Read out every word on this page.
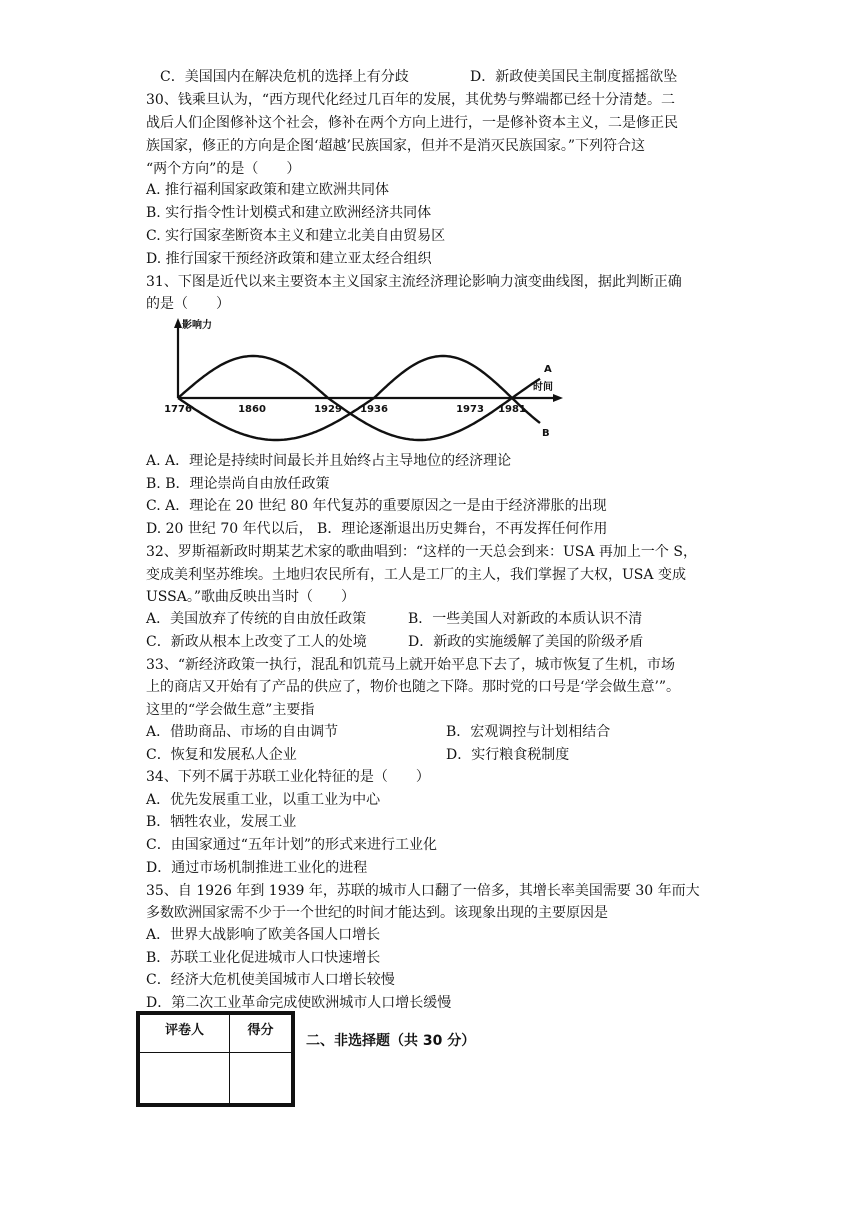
C．美国国内在解决危机的选择上有分歧	D．新政使美国民主制度摇摇欲坠
30、钱乘旦认为，“西方现代化经过几百年的发展，其优势与弊端都已经十分清楚。二
战后人们企图修补这个社会，修补在两个方向上进行，一是修补资本主义，二是修正民
族国家，修正的方向是企图‘超越’民族国家，但并不是消灭民族国家。”下列符合这
“两个方向”的是（　　）
A. 推行福利国家政策和建立欧洲共同体
B. 实行指令性计划模式和建立欧洲经济共同体
C. 实行国家垄断资本主义和建立北美自由贸易区
D. 推行国家干预经济政策和建立亚太经合组织
31、下图是近代以来主要资本主义国家主流经济理论影响力演变曲线图，据此判断正确
的是（　　）
影响力
时间
1776	1860	1929 1936	1973 1981
A
B
A. A．理论是持续时间最长并且始终占主导地位的经济理论
B. B．理论崇尚自由放任政策
C. A．理论在 20 世纪 80 年代复苏的重要原因之一是由于经济滞胀的出现
D. 20 世纪 70 年代以后， B．理论逐渐退出历史舞台，不再发挥任何作用
32、罗斯福新政时期某艺术家的歌曲唱到：“这样的一天总会到来：USA 再加上一个 S，
变成美利坚苏维埃。土地归农民所有，工人是工厂的主人，我们掌握了大权，USA 变成
USSA。”歌曲反映出当时（　　）
A．美国放弃了传统的自由放任政策	B．一些美国人对新政的本质认识不清
C．新政从根本上改变了工人的处境	D．新政的实施缓解了美国的阶级矛盾
33、“新经济政策一执行，混乱和饥荒马上就开始平息下去了，城市恢复了生机，市场
上的商店又开始有了产品的供应了，物价也随之下降。那时党的口号是‘学会做生意’”。
这里的“学会做生意”主要指
A．借助商品、市场的自由调节	B．宏观调控与计划相结合
C．恢复和发展私人企业	D．实行粮食税制度
34、下列不属于苏联工业化特征的是（　　）
A．优先发展重工业，以重工业为中心
B．牺牲农业，发展工业
C．由国家通过“五年计划”的形式来进行工业化
D．通过市场机制推进工业化的进程
35、自 1926 年到 1939 年，苏联的城市人口翻了一倍多，其增长率美国需要 30 年而大
多数欧洲国家需不少于一个世纪的时间才能达到。该现象出现的主要原因是
A．世界大战影响了欧美各国人口增长
B．苏联工业化促进城市人口快速增长
C．经济大危机使美国城市人口增长较慢
D．第二次工业革命完成使欧洲城市人口增长缓慢
评卷人	得分

二、非选择题（共 30 分）
